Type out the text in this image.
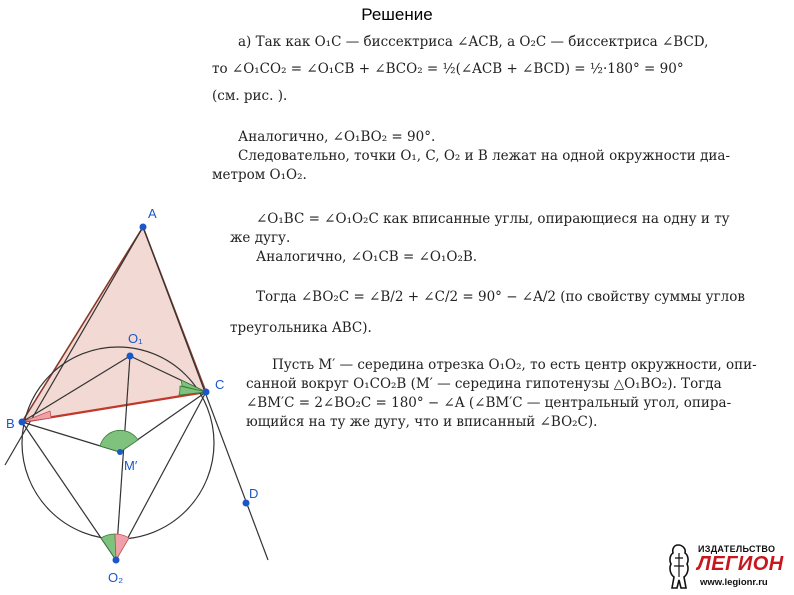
Решение

а) Так как O₁C — биссектриса ∠ACB, а O₂C — биссектриса ∠BCD,

то ∠O₁CO₂ = ∠O₁CB + ∠BCO₂ = ½(∠ACB + ∠BCD) = ½·180° = 90°

(см. рис. ).

Аналогично, ∠O₁BO₂ = 90°.

Следовательно, точки O₁, C, O₂ и B лежат на одной окружности диа-

метром O₁O₂.

∠O₁BC = ∠O₁O₂C как вписанные углы, опирающиеся на одну и ту

же дугу.

Аналогично, ∠O₁CB = ∠O₁O₂B.

Тогда ∠BO₂C = ∠B/2 + ∠C/2 = 90° − ∠A/2 (по свойству суммы углов

треугольника ABC).

Пусть M′ — середина отрезка O₁O₂, то есть центр окружности, опи-

санной вокруг O₁CO₂B (M′ — середина гипотенузы △O₁BO₂). Тогда

∠BM′C = 2∠BO₂C = 180° − ∠A (∠BM′C — центральный угол, опира-

ющийся на ту же дугу, что и вписанный ∠BO₂C).

A
B
C
D
O₁
O₂
M′
ИЗДАТЕЛЬСТВО
ЛЕГИОН
www.legionr.ru
